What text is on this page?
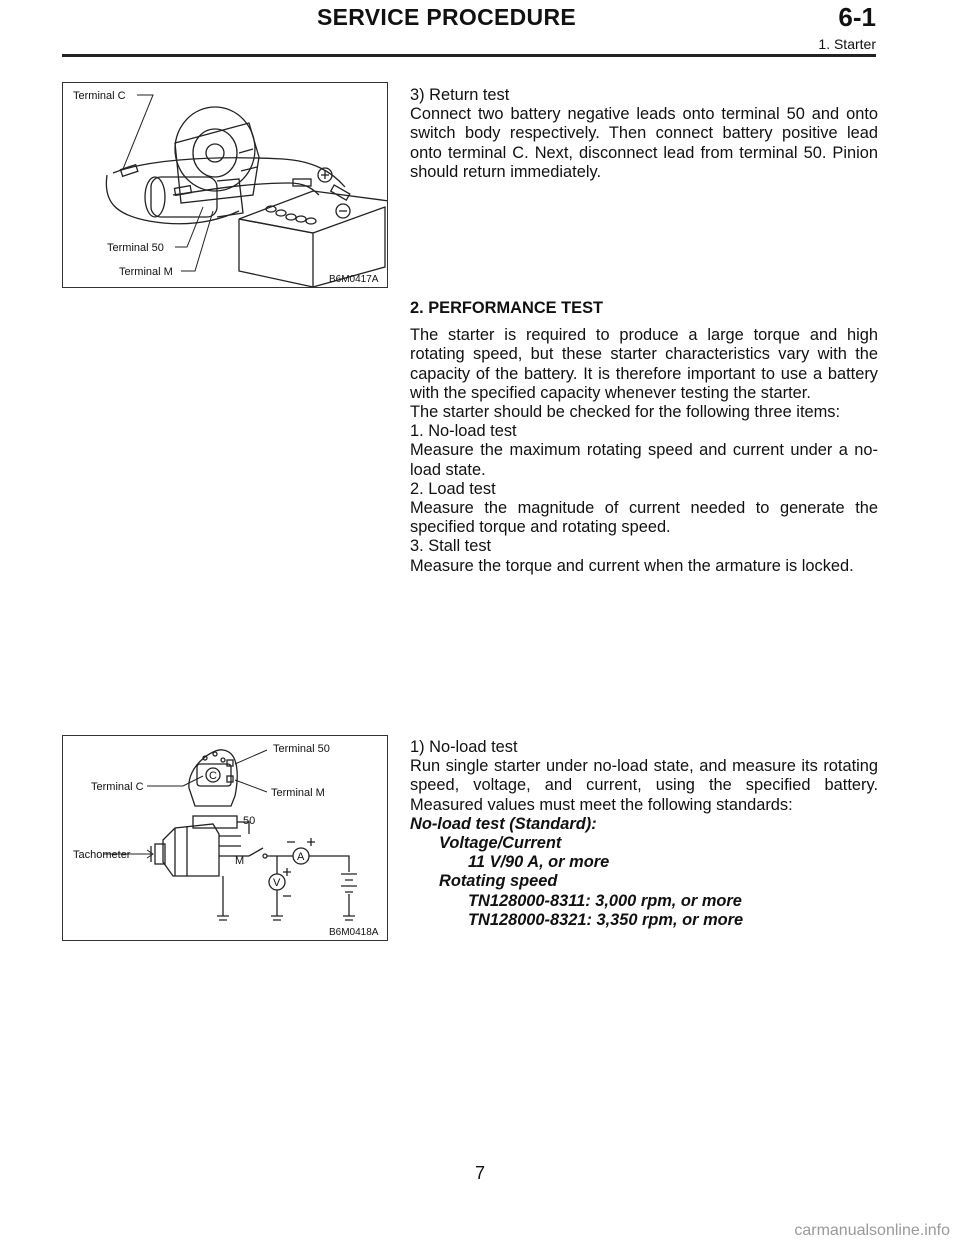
SERVICE PROCEDURE	6-1
1. Starter
Terminal C
Terminal 50
Terminal M
B6M0417A

3) Return test

Connect two battery negative leads onto terminal 50 and onto switch body respectively. Then connect battery positive lead onto terminal C. Next, disconnect lead from terminal 50. Pinion should return immediately.

2. PERFORMANCE TEST

The starter is required to produce a large torque and high rotating speed, but these starter characteristics vary with the capacity of the battery. It is therefore important to use a battery with the specified capacity whenever testing the starter.

The starter should be checked for the following three items:

1. No-load test

Measure the maximum rotating speed and current under a no-load state.

2. Load test

Measure the magnitude of current needed to generate the specified torque and rotating speed.

3. Stall test

Measure the torque and current when the armature is locked.

Terminal 50
Terminal C	Terminal M
Tachometer
C
50
M	A
V
B6M0418A

1) No-load test

Run single starter under no-load state, and measure its rotating speed, voltage, and current, using the specified battery. Measured values must meet the following standards:

No-load test (Standard):

Voltage/Current

11 V/90 A, or more

Rotating speed

TN128000-8311: 3,000 rpm, or more

TN128000-8321: 3,350 rpm, or more

7
carmanualsonline.info
